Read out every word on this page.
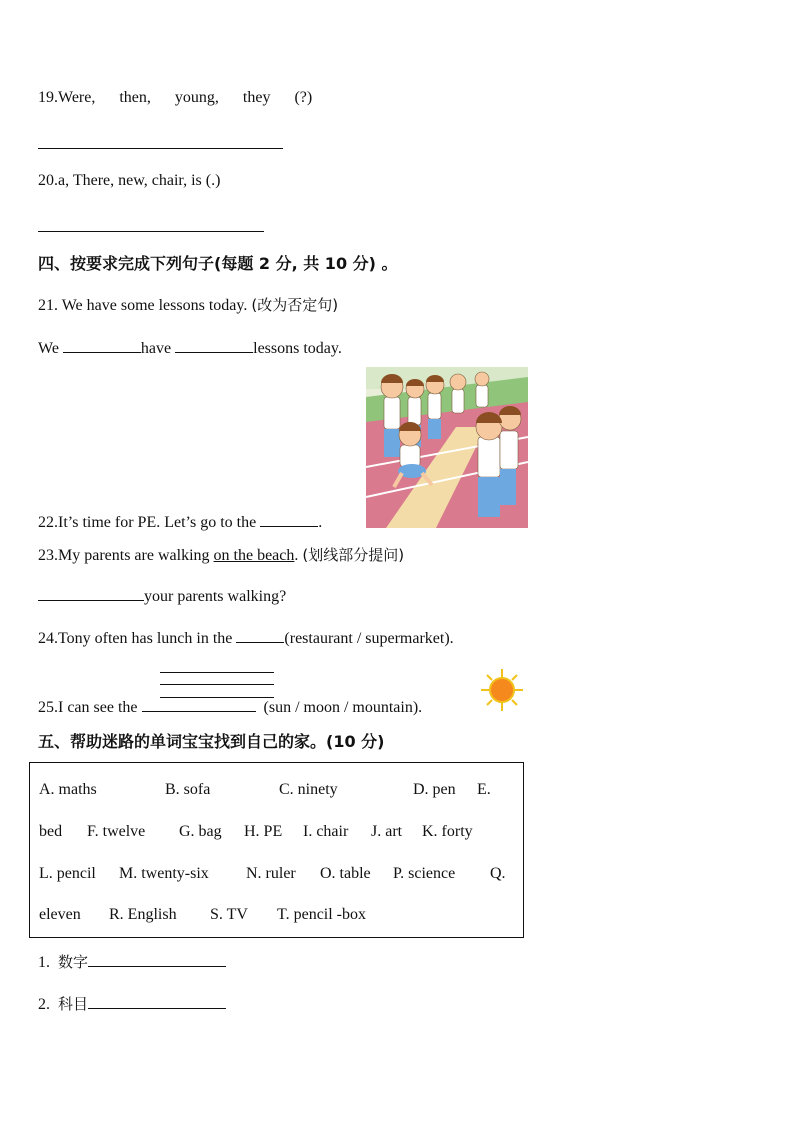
19.Were, then, young, they (?)
20.a, There, new, chair, is (.)
四、按要求完成下列句子(每题 2 分, 共 10 分) 。
21. We have some lessons today. (改为否定句)
We	have	lessons today.
22.It’s time for PE. Let’s go to the	.
23.My parents are walking on the beach. (划线部分提问)
your parents walking?
24.Tony often has lunch in the	(restaurant / supermarket).
25.I can see the	(sun / moon / mountain).
五、帮助迷路的单词宝宝找到自己的家。(10 分)
A. maths	B. sofa	C. ninety	D. pen E.
bed F. twelve G. bag H. PE I. chair J. art K. forty
L. pencil M. twenty-six N. ruler O. table P. science Q.
eleven R. English S. TV T. pencil -box
1. 数字
2. 科目
